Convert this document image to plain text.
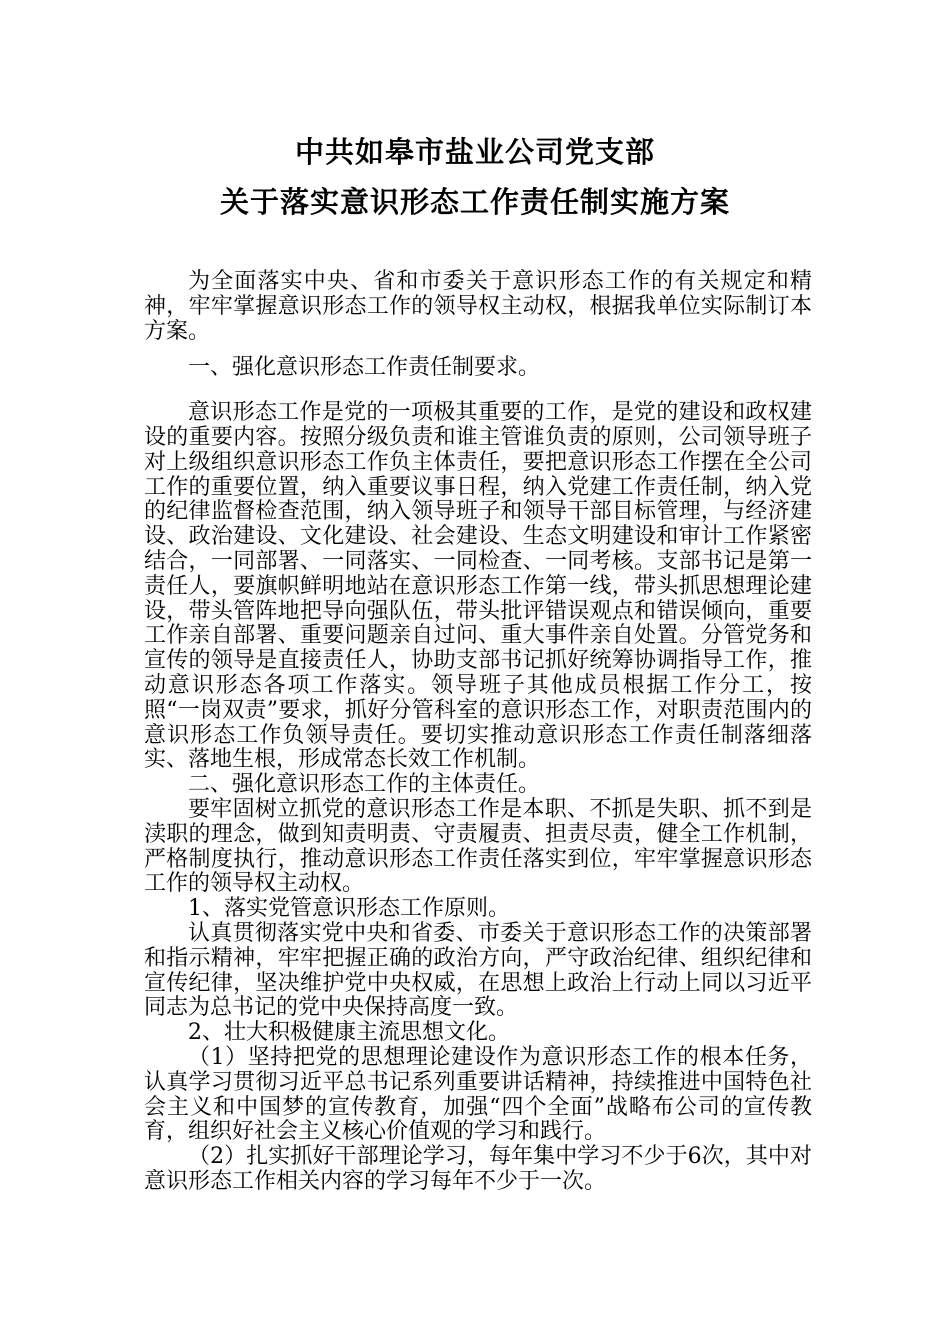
中共如皋市盐业公司党支部
关于落实意识形态工作责任制实施方案

为全面落实中央、省和市委关于意识形态工作的有关规定和精神，牢牢掌握意识形态工作的领导权主动权，根据我单位实际制订本方案。

一、强化意识形态工作责任制要求。

意识形态工作是党的一项极其重要的工作，是党的建设和政权建设的重要内容。按照分级负责和谁主管谁负责的原则，公司领导班子对上级组织意识形态工作负主体责任，要把意识形态工作摆在全公司工作的重要位置，纳入重要议事日程，纳入党建工作责任制，纳入党的纪律监督检查范围，纳入领导班子和领导干部目标管理，与经济建设、政治建设、文化建设、社会建设、生态文明建设和审计工作紧密结合，一同部署、一同落实、一同检查、一同考核。支部书记是第一责任人，要旗帜鲜明地站在意识形态工作第一线，带头抓思想理论建设，带头管阵地把导向强队伍，带头批评错误观点和错误倾向，重要工作亲自部署、重要问题亲自过问、重大事件亲自处置。分管党务和宣传的领导是直接责任人，协助支部书记抓好统筹协调指导工作，推动意识形态各项工作落实。领导班子其他成员根据工作分工，按照“一岗双责”要求，抓好分管科室的意识形态工作，对职责范围内的意识形态工作负领导责任。要切实推动意识形态工作责任制落细落实、落地生根，形成常态长效工作机制。

二、强化意识形态工作的主体责任。

要牢固树立抓党的意识形态工作是本职、不抓是失职、抓不到是渎职的理念，做到知责明责、守责履责、担责尽责，健全工作机制，严格制度执行，推动意识形态工作责任落实到位，牢牢掌握意识形态工作的领导权主动权。

1、落实党管意识形态工作原则。

认真贯彻落实党中央和省委、市委关于意识形态工作的决策部署和指示精神，牢牢把握正确的政治方向，严守政治纪律、组织纪律和宣传纪律，坚决维护党中央权威，在思想上政治上行动上同以习近平同志为总书记的党中央保持高度一致。

2、壮大积极健康主流思想文化。

（1）坚持把党的思想理论建设作为意识形态工作的根本任务，认真学习贯彻习近平总书记系列重要讲话精神，持续推进中国特色社会主义和中国梦的宣传教育，加强“四个全面”战略布公司的宣传教育，组织好社会主义核心价值观的学习和践行。

（2）扎实抓好干部理论学习，每年集中学习不少于6次，其中对意识形态工作相关内容的学习每年不少于一次。
